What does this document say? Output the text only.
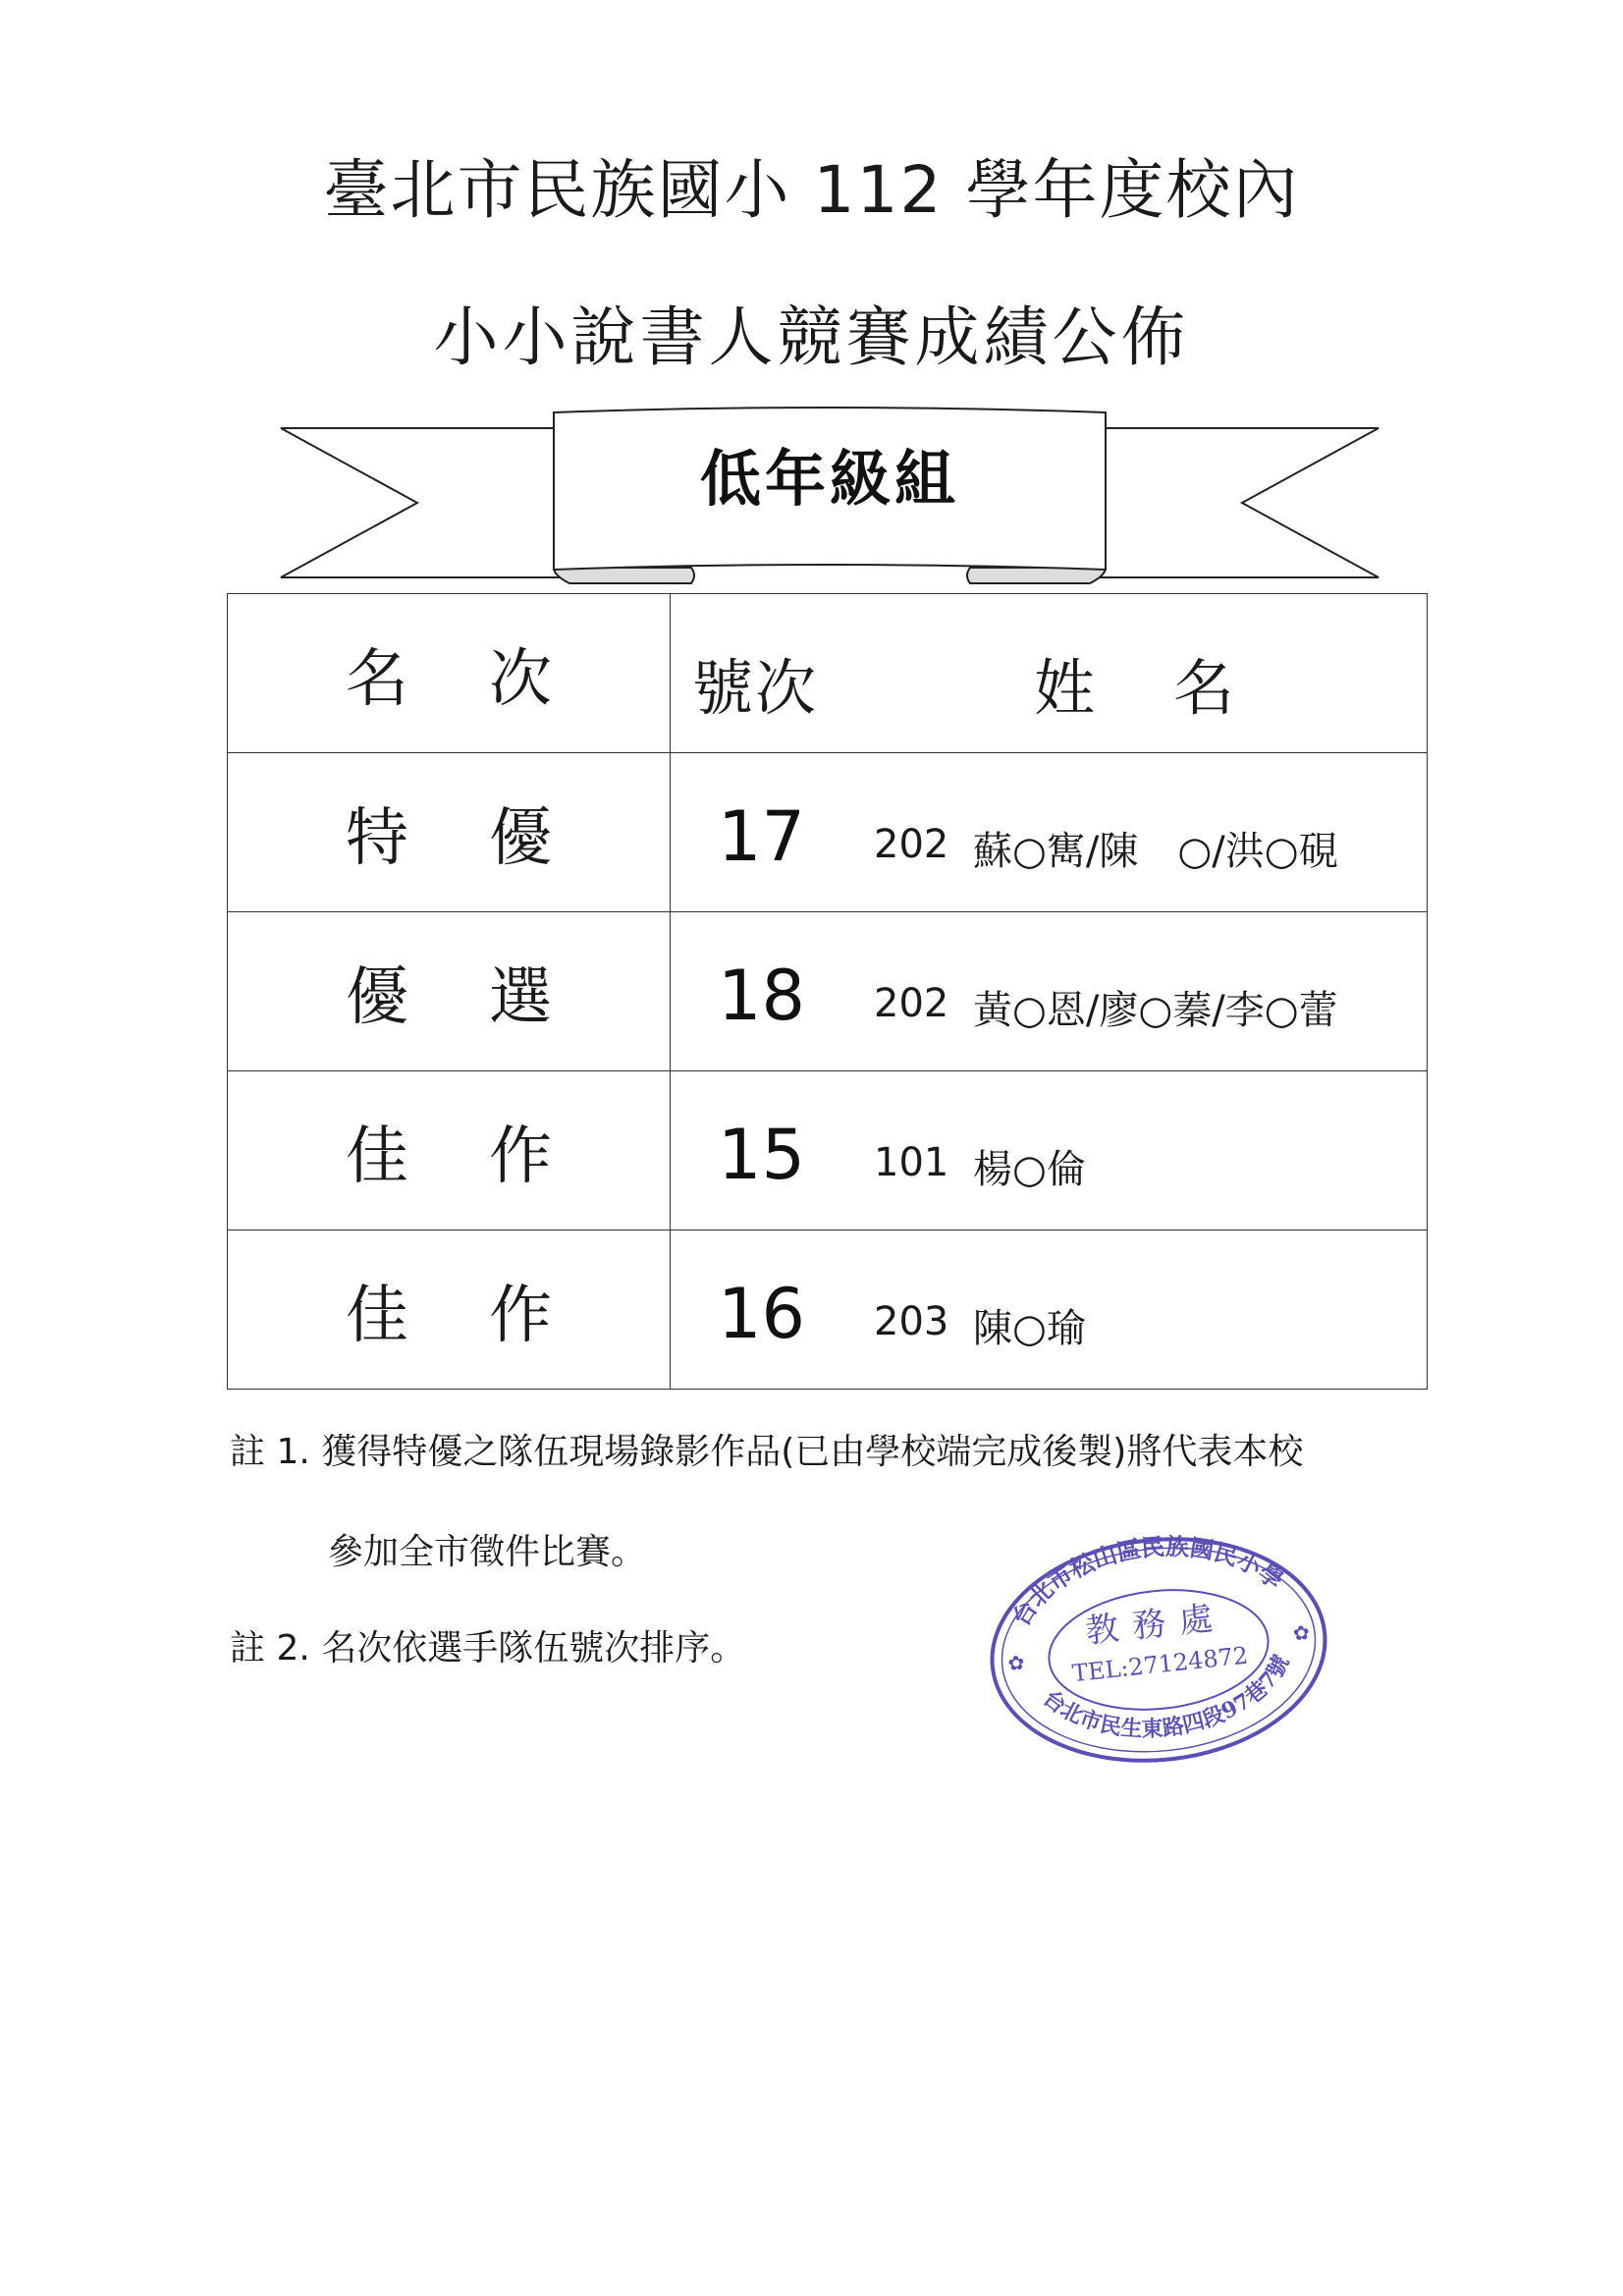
臺北市民族國小 112 學年度校內
小小說書人競賽成績公佈
低年級組
名次	號次 姓名

特優	17 202 蘇○寯/陳　○/洪○硯

優選	18 202 黃○恩/廖○蓁/李○蕾

佳作	15 101 楊○倫

佳作	16 203 陳○瑜
註 1. 獲得特優之隊伍現場錄影作品(已由學校端完成後製)將代表本校
參加全市徵件比賽。
註 2. 名次依選手隊伍號次排序。
台北市松山區民族國民小學
教務處
TEL:27124872
台北市民生東路四段97巷7號
✿
✿
